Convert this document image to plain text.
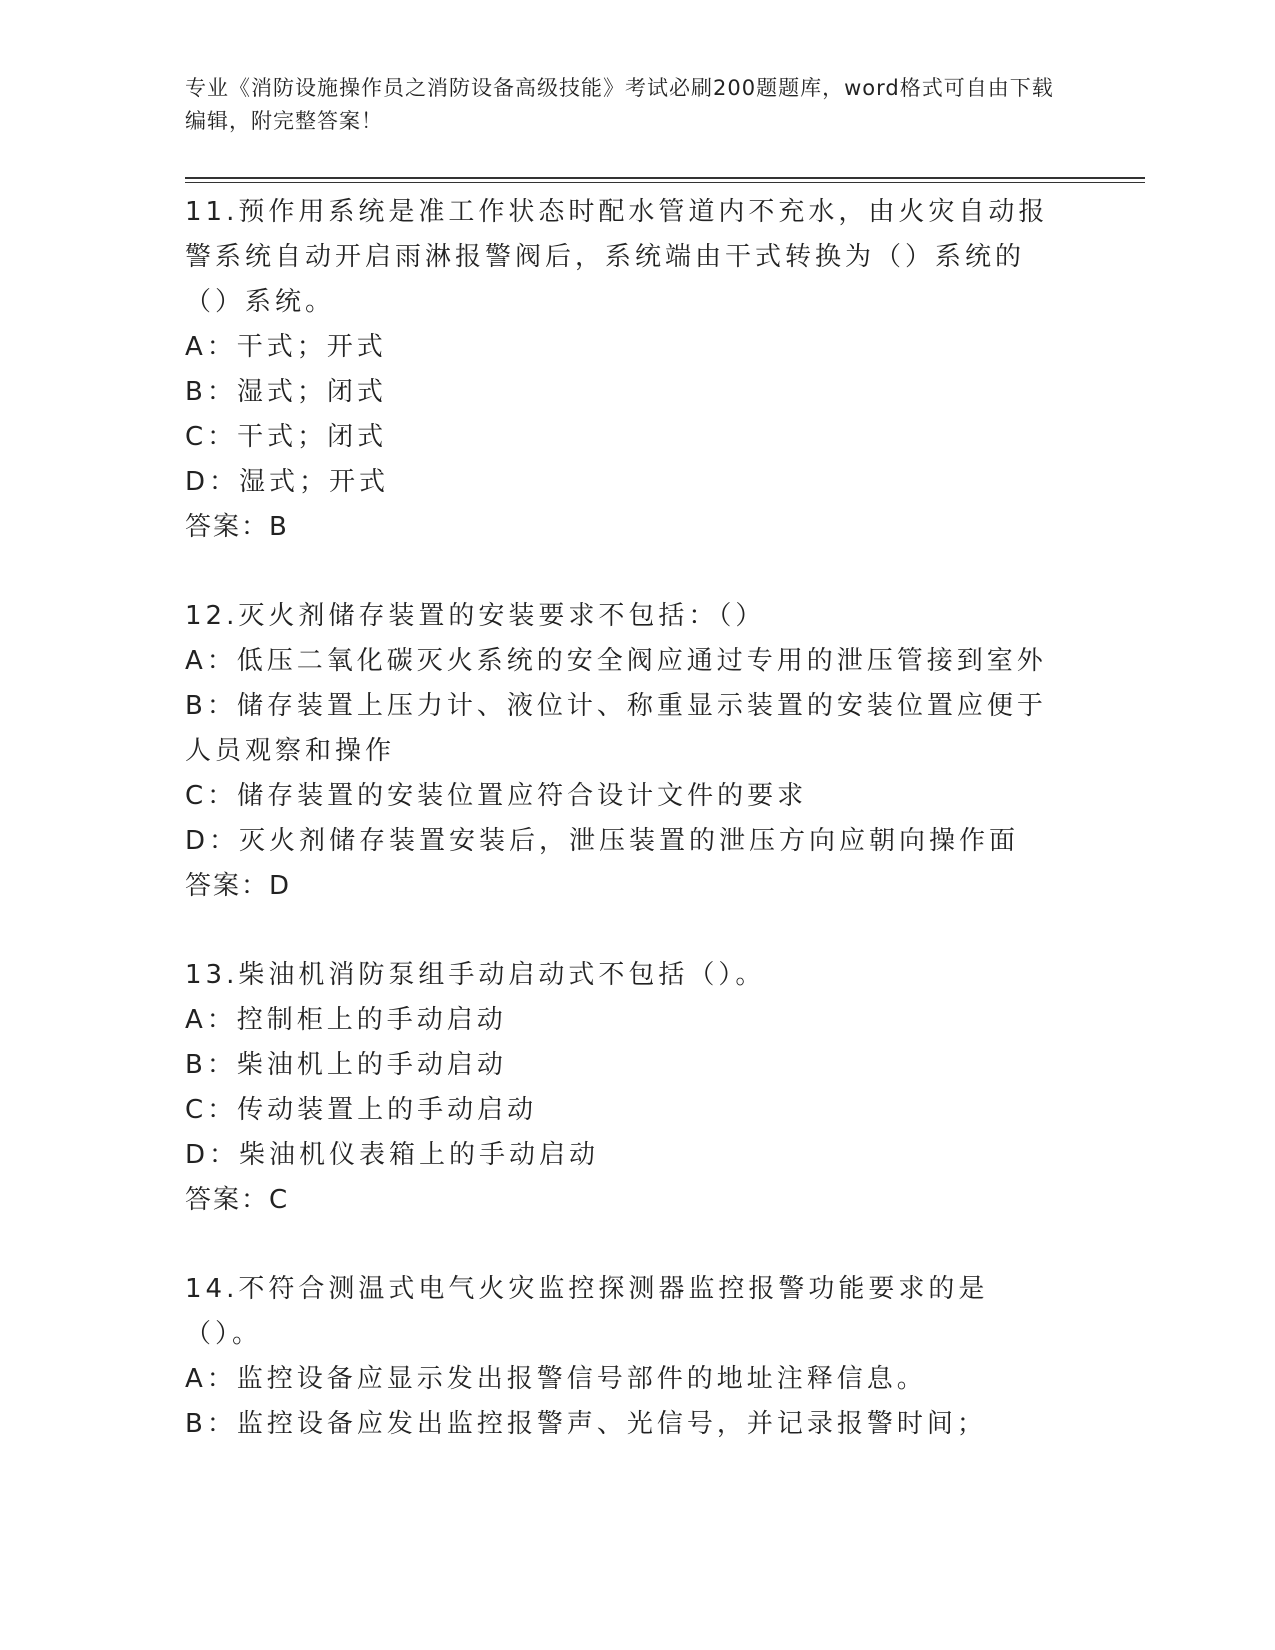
专业《消防设施操作员之消防设备高级技能》考试必刷200题题库，word格式可自由下载编辑，附完整答案！

11.预作用系统是准工作状态时配水管道内不充水，由火灾自动报警系统自动开启雨淋报警阀后，系统端由干式转换为（）系统的（）系统。

A：干式；开式

B：湿式；闭式

C：干式；闭式

D：湿式；开式

答案：B

12.灭火剂储存装置的安装要求不包括：（）

A：低压二氧化碳灭火系统的安全阀应通过专用的泄压管接到室外

B：储存装置上压力计、液位计、称重显示装置的安装位置应便于人员观察和操作

C：储存装置的安装位置应符合设计文件的要求

D：灭火剂储存装置安装后，泄压装置的泄压方向应朝向操作面

答案：D

13.柴油机消防泵组手动启动式不包括（）。

A：控制柜上的手动启动

B：柴油机上的手动启动

C：传动装置上的手动启动

D：柴油机仪表箱上的手动启动

答案：C

14.不符合测温式电气火灾监控探测器监控报警功能要求的是（）。

A：监控设备应显示发出报警信号部件的地址注释信息。

B：监控设备应发出监控报警声、光信号，并记录报警时间；
